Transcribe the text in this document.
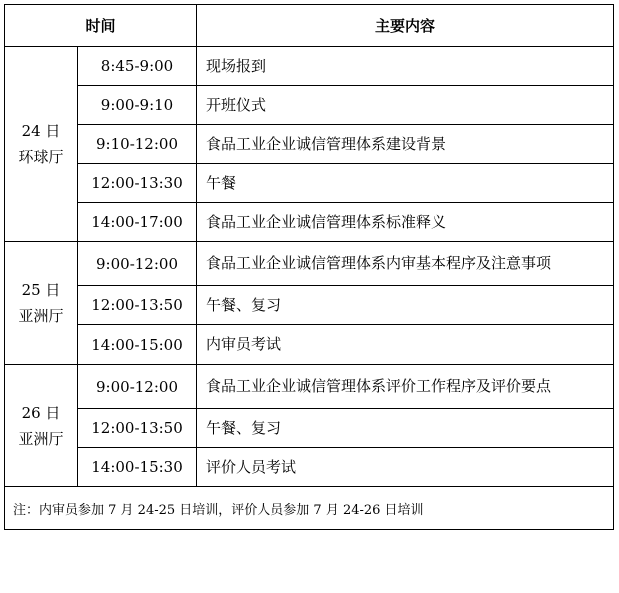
时间		主要内容

24 日
环球厅	8:45-9:00	现场报到
	9:00-9:10	开班仪式
	9:10-12:00	食品工业企业诚信管理体系建设背景
	12:00-13:30	午餐
	14:00-17:00	食品工业企业诚信管理体系标准释义

25 日
亚洲厅	9:00-12:00	食品工业企业诚信管理体系内审基本程序及注意事项
	12:00-13:50	午餐、复习
	14:00-15:00	内审员考试

26 日
亚洲厅	9:00-12:00	食品工业企业诚信管理体系评价工作程序及评价要点
	12:00-13:50	午餐、复习
	14:00-15:30	评价人员考试
注：内审员参加 7 月 24-25 日培训，评价人员参加 7 月 24-26 日培训		
